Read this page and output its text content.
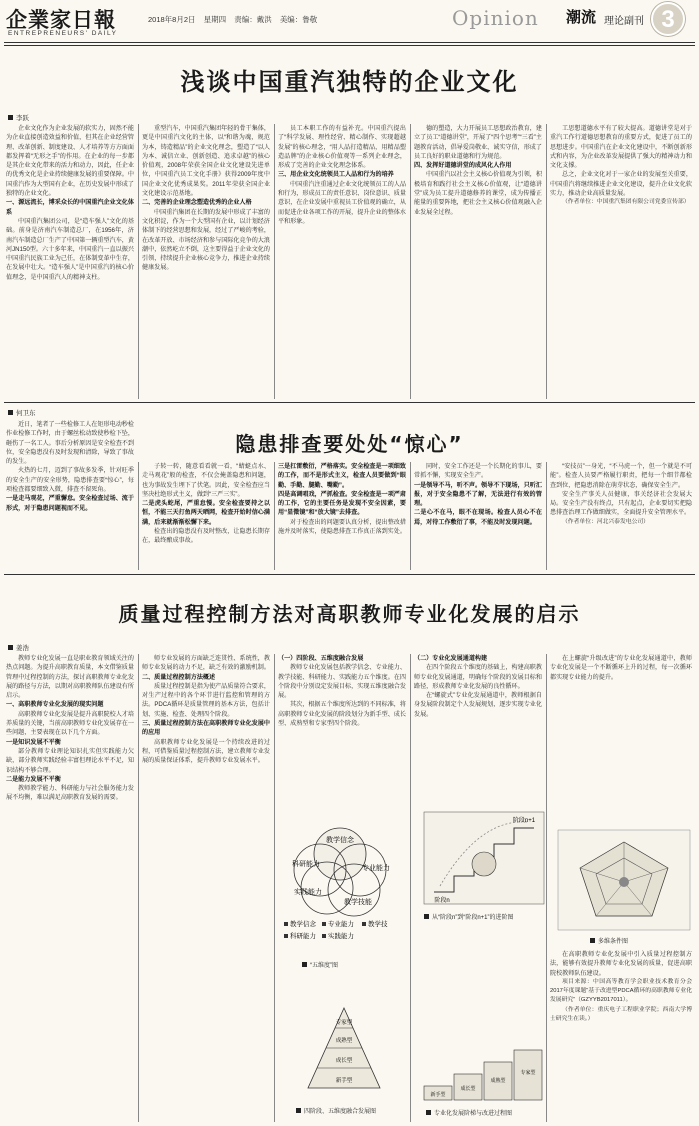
企業家日報
ENTREPRENEURS' DAILY
2018年8月2日 星期四 责编：戴洪 美编：鲁敬	Opinion 潮流 理论副刊 3
浅谈中国重汽独特的企业文化
李跃

企业文化作为企业发展的软实力，固然不能为企业直接创造效益和价值，但其在企业经营管理、改革创新、制度建设、人才培养等方方面面都发挥着“无形之手”的作用。在企业的每一步都是其企业文化带来的活力和动力，因此，任企业的优秀文化是企业持续健康发展的重要保障。中国重汽作为大型国有企业，在历史发展中形成了独特的企业文化。

一、源远流长，博采众长的中国重汽企业文化体系

中国重汽集团公司，是“造车强人”文化的基础。前身是济南汽车制造总厂，在1956年，济南汽车制造总厂生产了中国第一辆重型汽车，黄河JN150型。六十多年来，中国重汽一直以振兴中国重汽民族工业为己任，在体制变革中生存，在发展中壮大。“造车强人”是中国重汽的核心价值理念，是中国重汽人的精神支柱。

重型汽车，中国重汽集团年轻的骨干集体，更是中国重汽文化的主体，以“和谐为魂，规范为本，铸造精品”的企业文化理念，塑造了“以人为本、诚信立业、创新创造、追求卓越”的核心价值观，2008年荣获全国企业文化建设先进单位，中国重汽员工文化手册》获得2009年度中国企业文化优秀成果奖。2011年荣获全国企业文化建设示范基地。

二、完善的企业理念塑造优秀的企业人格

中国重汽集团在长期的发展中形成了丰富的文化积淀，作为一个大型国有企业，以计划经济体制下的经营思想和发展，经过了严峻的考验，在改革开放、市场经济和参与国际化竞争的大浪潮中，依然屹立不倒，这主要得益于企业文化的引领，持续提升企业核心竞争力，推进企业持续健康发展。

员工本职工作的有益补充。中国重汽提出了“科学发展、理性经营、精心制作、实现超越发展”的核心理念，“用人品打造精品，用精品塑造品牌”的企业核心价值观等一系列企业理念，形成了完善的企业文化理念体系。

三、用企业文化统领员工人品和行为的培养

中国重汽注重通过企业文化统领员工的人品和行为，形成员工的责任意识、岗位意识、质量意识，在企业发展中重视员工价值观的确立，从而促进企业各项工作的开展，提升企业的整体水平和形象。

德的塑造，大力开展员工思想政治教育，建立了员工“道德讲堂”，开展了“四个思考”“三看”主题教育活动，倡导爱岗敬业、诚实守信，形成了员工良好的职业道德和行为规范。

四、发挥好道德讲堂的成风化人作用

中国重汽以社会主义核心价值观为引领，积极培育和践行社会主义核心价值观，让“道德讲堂”成为员工提升道德修养的课堂，成为传播正能量的重要阵地，把社会主义核心价值观融入企业发展全过程。

工思想道德水平有了较大提高。道德讲堂是对于重汽工作行道德思想教育的重要方式，促进了员工的思想进步。中国重汽在企业文化建设中，不断创新形式和内容，为企业改革发展提供了强大的精神动力和文化支撑。

总之，企业文化对于一家企业的发展至关重要，中国重汽将继续推进企业文化建设，提升企业文化软实力，推动企业高质量发展。

（作者单位：中国重汽集团有限公司党委宣传部）

何卫东
隐患排查要处处“惊心”

近日，笔者了一些检修工人在矩形电动秒检作业检修工作时，由于螺丝松动致使秒检下坠，砸伤了一名工人。事后分析原因是安全检查不到位，安全隐患没有及时发现和清除，导致了事故的发生。

火热的七月，迈到了事故多发季，针对旺季的安全生产的安全形势，隐患排查要“惊心”，每项检查都要细致入微，排查不留死角。

一是走马观花，严重懈怠。安全检查过场、流于形式，对于隐患问题视而不见。

子转一转，随意看看就一看，“蜻蜓点水、走马观花”般的检查，不仅会掩盖隐患和问题，也为事故发生埋下了伏笔。因此，安全检查应当坚决杜绝形式主义，做到“三严三实”。

二是虎头蛇尾，严重怠慢。安全检查要持之以恒，不能三天打鱼两天晒网，检查开始时信心满满，后来就渐渐松懈下来。

检查出的隐患没有及时整改，让隐患长期存在，最终酿成事故。

三是扛雷敷衍，严格落实。安全检查是一项细致的工作，而不是形式主义，检查人员要做到“眼勤、手勤、腿勤、嘴勤”。

四是高调唱戏，严抓检查。安全检查是一项严肃的工作，它的主要任务是发现不安全因素，要用“显微镜”和“放大镜”去排查。

对于检查出的问题要认真分析，提出整改措施并及时落实，使隐患排查工作真正落到实处。

同时，安全工作还是一个长期化的事儿，要常抓不懈，实现安全生产。

一是领导不马，听不声。领导不下现场，只听汇报，对于安全隐患不了解，无法进行有效的管理。

二是心不在马，眼不在现场。检查人员心不在焉，对待工作敷衍了事，不能及时发现问题。

“安技员”一身光，“不马虎一个，但一个就是不可能”。检查人员要严格履行职责，把每一个细节都检查到位，把隐患消除在萌芽状态，确保安全生产。

安全生产事关人员健康，事关经济社会发展大局。安全生产没有终点，只有起点，企业要切实把隐患排查治理工作做细做实，全面提升安全管理水平。

（作者单位：河北兴泰发电公司）

质量过程控制方法对高职教师专业化发展的启示
姜浩

教师专业化发展一直是职业教育领域关注的热点问题。为提升高职教育质量，本文借鉴质量管理中过程控制的方法，探讨高职教师专业化发展的路径与方法，以期对高职教师队伍建设有所启示。

一、高职教师专业化发展的现实问题

高职教师专业化发展是提升高职院校人才培养质量的关键，当前高职教师专业化发展存在一些问题，主要表现在以下几个方面。

一是知识发展不平衡

部分教师专业理论知识扎实但实践能力欠缺，部分教师实践经验丰富但理论水平不足，知识结构不够合理。

二是能力发展不平衡

教师教学能力、科研能力与社会服务能力发展不均衡，难以满足高职教育发展的需要。

师专业发展的方面缺乏连贯性、系统性，教师专业发展的动力不足，缺乏有效的激励机制。

二、质量过程控制方法概述

质量过程控制是指为使产品质量符合要求，对生产过程中的各个环节进行监控和管理的方法。PDCA循环是质量管理的基本方法，包括计划、实施、检查、处理四个阶段。

三、质量过程控制方法在高职教师专业化发展中的应用

高职教师专业化发展是一个持续改进的过程，可借鉴质量过程控制方法，建立教师专业发展的质量保证体系，提升教师专业发展水平。

（一）四阶段、五维度融合发展

教师专业化发展包括教学信念、专业能力、教学技能、科研能力、实践能力五个维度。在四个阶段中分别设定发展目标，实现五维度融合发展。

其次，根据五个维度所达到的不同标准，将高职教师专业化发展的阶段划分为新手型、成长型、成熟型和专家型四个阶段。

（二）专业化发展通道构建

在四个阶段五个维度的基础上，构建高职教师专业化发展通道，明确每个阶段的发展目标和路径，形成教师专业化发展的良性循环。

在“螺旋式”专业化发展通道中，教师根据自身发展阶段制定个人发展规划，逐步实现专业化发展。

在上螺旋“升级改进”的专业化发展通道中，教师专业化发展是一个不断循环上升的过程，每一次循环都实现专业能力的提升。

教学信念
专业能力
科研能力
教学技能
实践能力
教学信念 专业能力 教学技
科研能力 实践能力
“五维度”图
专家型
成熟型
成长型
新手型
四阶段、五维度融合发展图
阶段n
阶段n+1
从“阶段n”到“阶段n+1”的进阶图
新手型
成长型
成熟型
专家型
专业化发展阶梯与改进过程图
多维条件图

在高职教师专业化发展中引入质量过程控制方法，能够有效提升教师专业化发展的质量，促进高职院校教师队伍建设。

项目来源：中国高等教育学会职业技术教育分会2017年度课题“基于改进型PDCA循环的高职教师专业化发展研究”（GZYYB2017011）。

（作者单位：重庆电子工程职业学院；西南大学博士研究生在读。）
